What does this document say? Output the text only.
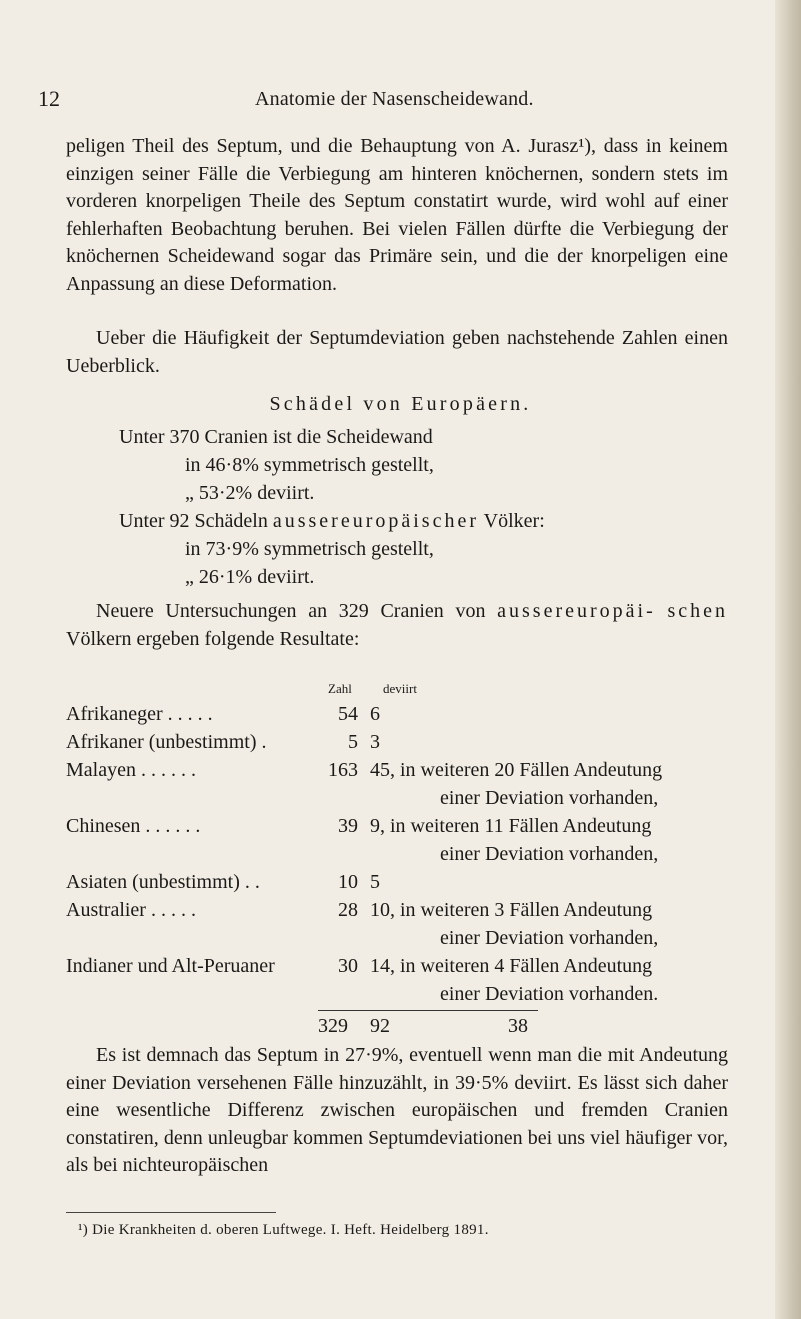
12	Anatomie der Nasenscheidewand.
peligen Theil des Septum, und die Behauptung von A. Jurasz¹), dass in keinem einzigen seiner Fälle die Verbiegung am hinteren knöchernen, sondern stets im vorderen knorpeligen Theile des Septum constatirt wurde, wird wohl auf einer fehlerhaften Beobachtung beruhen. Bei vielen Fällen dürfte die Verbiegung der knöchernen Scheidewand sogar das Primäre sein, und die der knorpeligen eine Anpassung an diese Deformation.
Ueber die Häufigkeit der Septumdeviation geben nachstehende Zahlen einen Ueberblick.
Schädel von Europäern.
Unter 370 Cranien ist die Scheidewand
in 46·8% symmetrisch gestellt,
„ 53·2% deviirt.
Unter 92 Schädeln aussereuropäischer Völker:
in 73·9% symmetrisch gestellt,
„ 26·1% deviirt.
Neuere Untersuchungen an 329 Cranien von aussereuropäi- schen Völkern ergeben folgende Resultate:
Zahl deviirt
Afrikaneger . . . . .	54 6
Afrikaner (unbestimmt) .	5 3
Malayen . . . . . .	163 45, in weiteren 20 Fällen Andeutung
einer Deviation vorhanden,
Chinesen . . . . . .	39 9, in weiteren 11 Fällen Andeutung
einer Deviation vorhanden,
Asiaten (unbestimmt) . .	10 5
Australier . . . . .	28 10, in weiteren 3 Fällen Andeutung
einer Deviation vorhanden,
Indianer und Alt-Peruaner	30 14, in weiteren 4 Fällen Andeutung
einer Deviation vorhanden.
329 92	38
Es ist demnach das Septum in 27·9%, eventuell wenn man die mit Andeutung einer Deviation versehenen Fälle hinzuzählt, in 39·5% deviirt. Es lässt sich daher eine wesentliche Differenz zwischen europäischen und fremden Cranien constatiren, denn unleugbar kommen Septumdeviationen bei uns viel häufiger vor, als bei nichteuropäischen
¹) Die Krankheiten d. oberen Luftwege. I. Heft. Heidelberg 1891.
